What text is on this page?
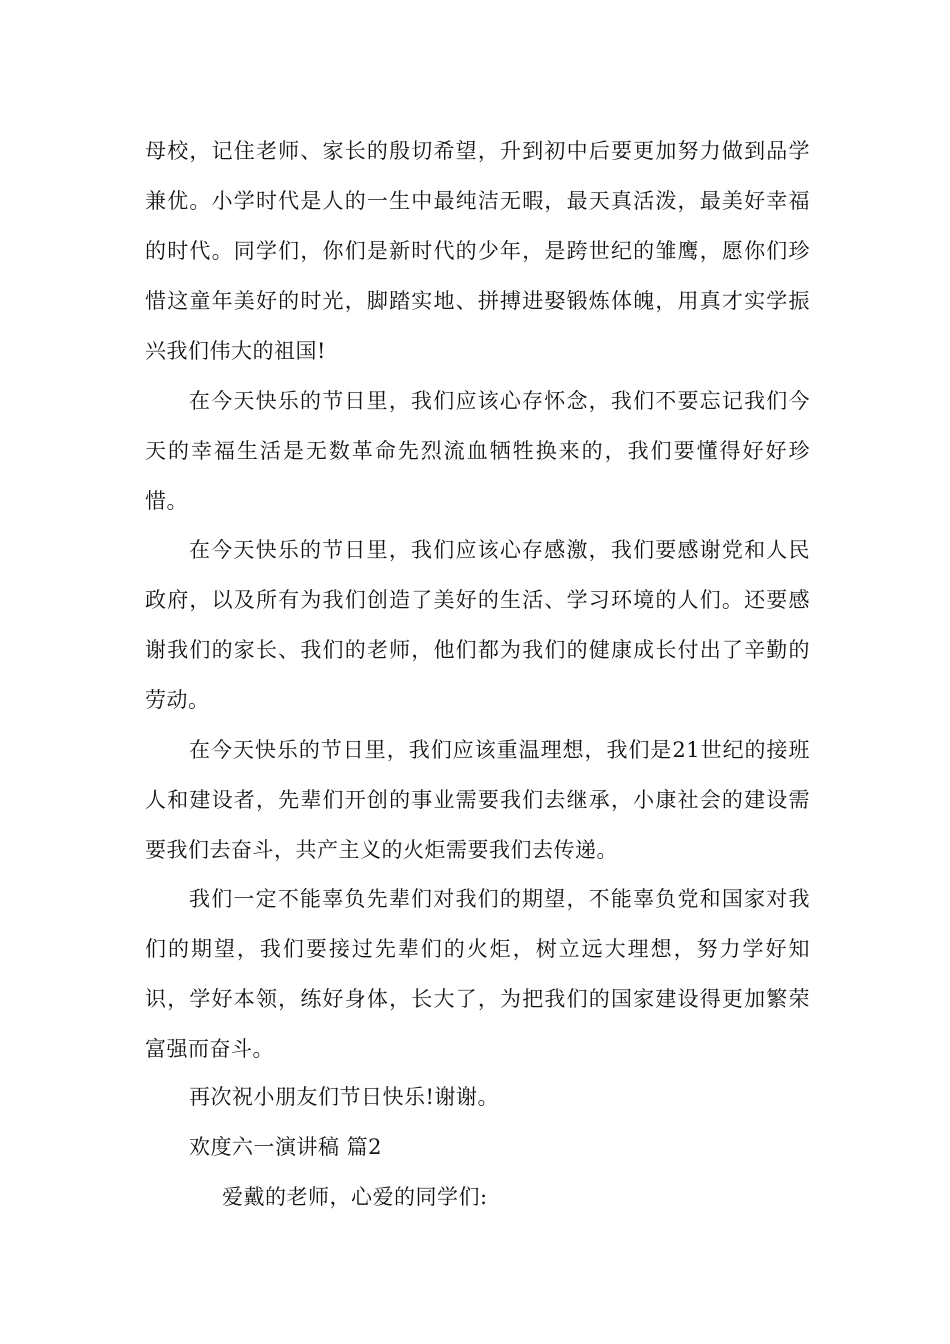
母校，记住老师、家长的殷切希望，升到初中后要更加努力做到品学兼优。小学时代是人的一生中最纯洁无暇，最天真活泼，最美好幸福的时代。同学们，你们是新时代的少年，是跨世纪的雏鹰，愿你们珍惜这童年美好的时光，脚踏实地、拼搏进娶锻炼体魄，用真才实学振兴我们伟大的祖国!

在今天快乐的节日里，我们应该心存怀念，我们不要忘记我们今天的幸福生活是无数革命先烈流血牺牲换来的，我们要懂得好好珍惜。

在今天快乐的节日里，我们应该心存感激，我们要感谢党和人民政府，以及所有为我们创造了美好的生活、学习环境的人们。还要感谢我们的家长、我们的老师，他们都为我们的健康成长付出了辛勤的劳动。

在今天快乐的节日里，我们应该重温理想，我们是21世纪的接班人和建设者，先辈们开创的事业需要我们去继承，小康社会的建设需要我们去奋斗，共产主义的火炬需要我们去传递。

我们一定不能辜负先辈们对我们的期望，不能辜负党和国家对我们的期望，我们要接过先辈们的火炬，树立远大理想，努力学好知识，学好本领，练好身体，长大了，为把我们的国家建设得更加繁荣富强而奋斗。

再次祝小朋友们节日快乐!谢谢。

欢度六一演讲稿 篇2

爱戴的老师，心爱的同学们:
